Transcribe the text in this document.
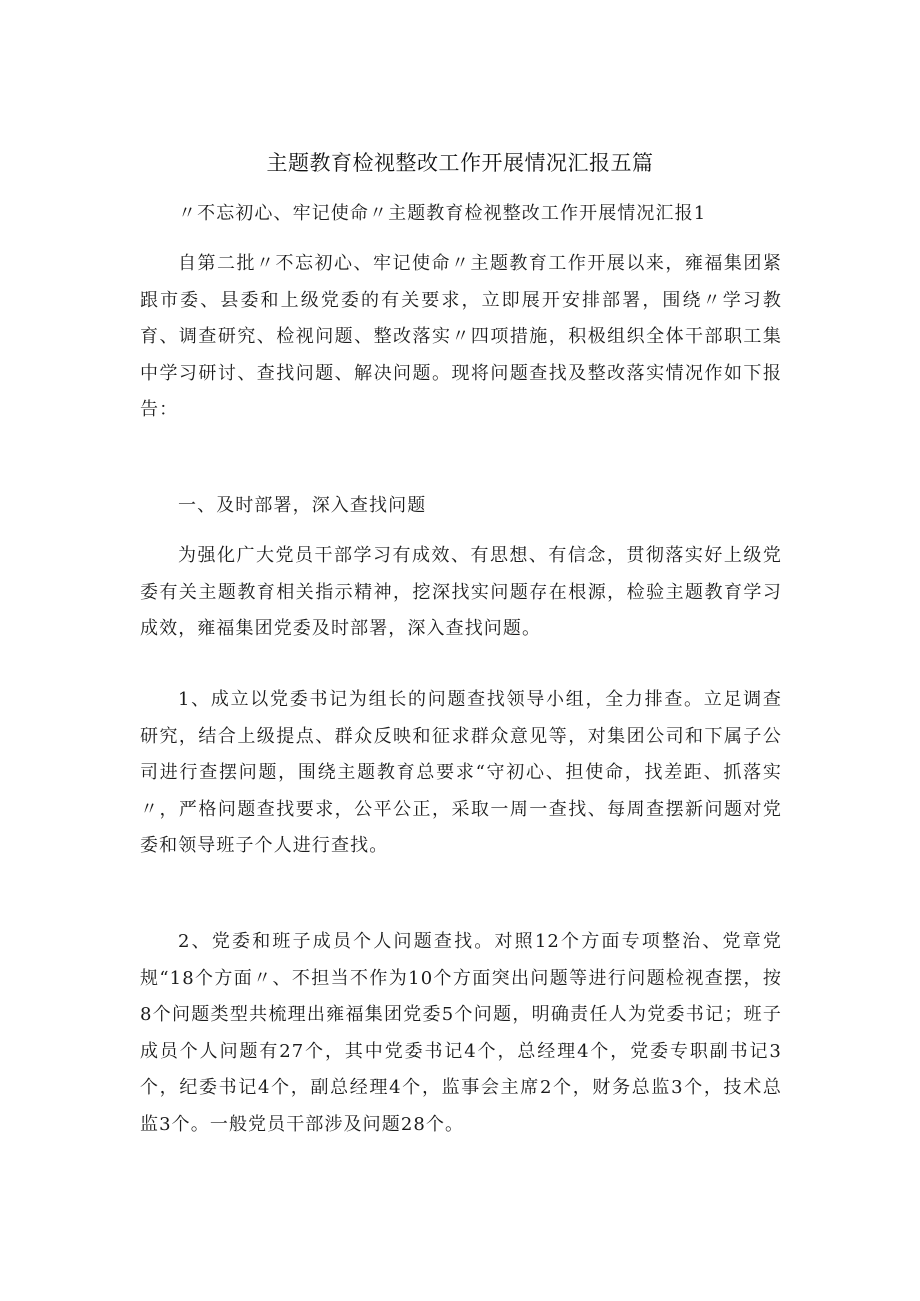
主题教育检视整改工作开展情况汇报五篇

〃不忘初心、牢记使命〃主题教育检视整改工作开展情况汇报1

自第二批〃不忘初心、牢记使命〃主题教育工作开展以来，雍福集团紧跟市委、县委和上级党委的有关要求，立即展开安排部署，围绕〃学习教育、调查研究、检视问题、整改落实〃四项措施，积极组织全体干部职工集中学习研讨、查找问题、解决问题。现将问题查找及整改落实情况作如下报告：

一、及时部署，深入查找问题

为强化广大党员干部学习有成效、有思想、有信念，贯彻落实好上级党委有关主题教育相关指示精神，挖深找实问题存在根源，检验主题教育学习成效，雍福集团党委及时部署，深入查找问题。

1、成立以党委书记为组长的问题查找领导小组，全力排查。立足调查研究，结合上级提点、群众反映和征求群众意见等，对集团公司和下属子公司进行查摆问题，围绕主题教育总要求“守初心、担使命，找差距、抓落实〃，严格问题查找要求，公平公正，采取一周一查找、每周查摆新问题对党委和领导班子个人进行查找。

2、党委和班子成员个人问题查找。对照12个方面专项整治、党章党规“18个方面〃、不担当不作为10个方面突出问题等进行问题检视查摆，按8个问题类型共梳理出雍福集团党委5个问题，明确责任人为党委书记；班子成员个人问题有27个，其中党委书记4个，总经理4个，党委专职副书记3个，纪委书记4个，副总经理4个，监事会主席2个，财务总监3个，技术总监3个。一般党员干部涉及问题28个。
